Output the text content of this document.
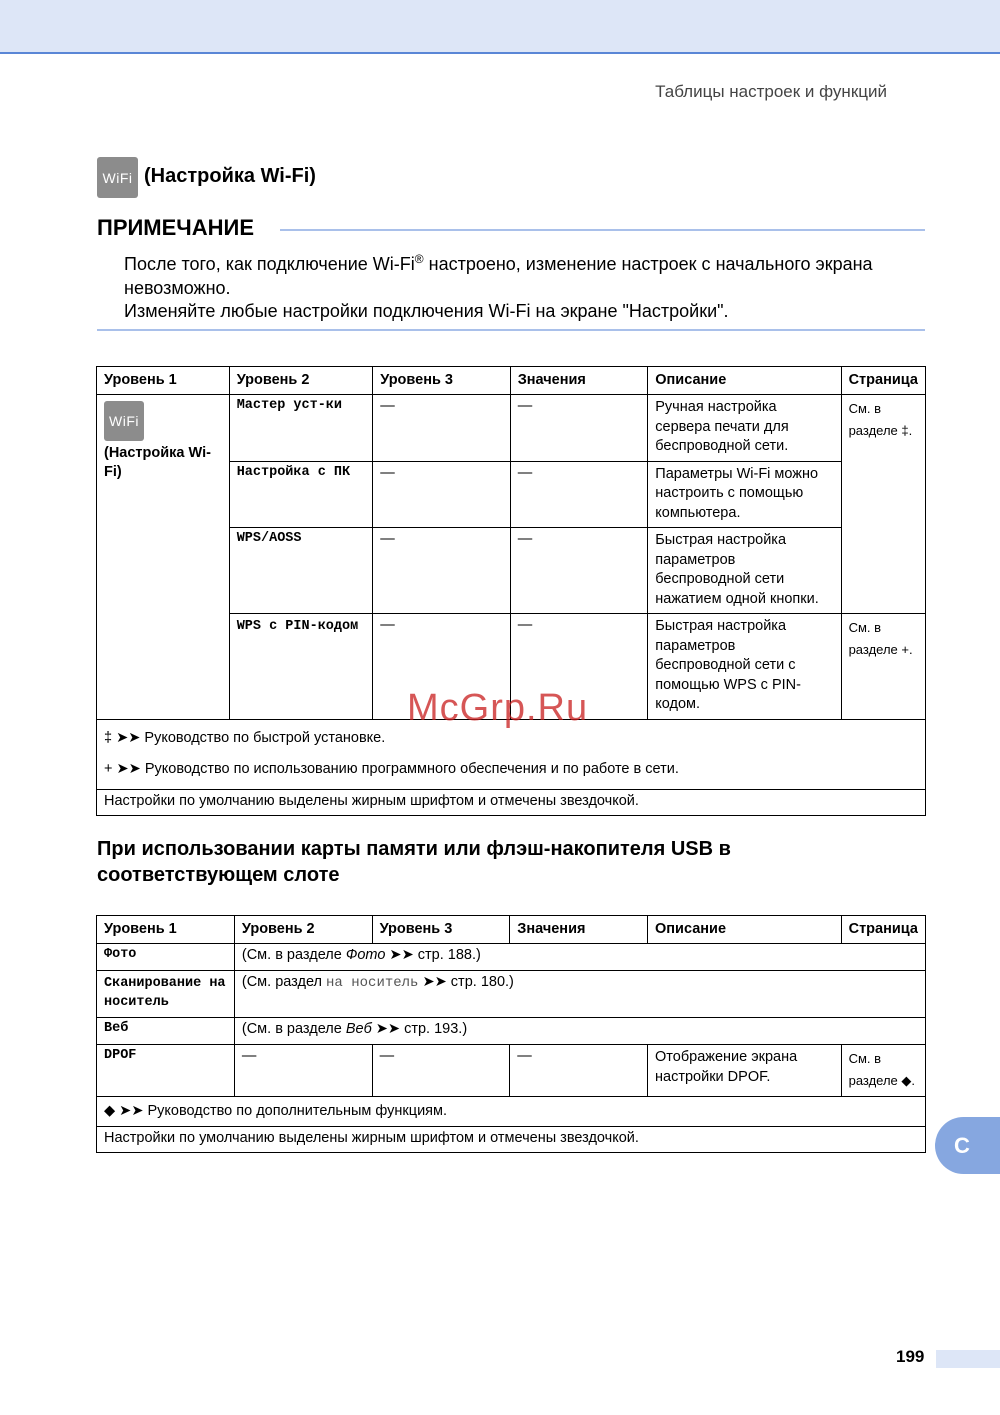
Таблицы настроек и функций
WiFi (Настройка Wi-Fi)
ПРИМЕЧАНИЕ

После того, как подключение Wi-Fi® настроено, изменение настроек с начального экрана невозможно.

Изменяйте любые настройки подключения Wi-Fi на экране "Настройки".

Уровень 1	Уровень 2	Уровень 3	Значения	Описание	Страница

WiFi
(Настройка Wi-Fi)	Мастер уст-ки	—	—	Ручная настройка сервера печати для беспроводной сети.	См. в разделе ‡.
	Настройка с ПК	—	—	Параметры Wi-Fi можно настроить с помощью компьютера.	
	WPS/AOSS	—	—	Быстрая настройка параметров беспроводной сети нажатием одной кнопки.	
	WPS с PIN-кодом	—	—	Быстрая настройка параметров беспроводной сети с помощью WPS с PIN-кодом.	См. в разделе +.

‡ ➤➤ Руководство по быстрой установке.
+ ➤➤ Руководство по использованию программного обеспечения и по работе в сети.					

Настройки по умолчанию выделены жирным шрифтом и отмечены звездочкой.					
При использовании карты памяти или флэш-накопителя USB в соответствующем слоте
Уровень 1	Уровень 2	Уровень 3	Значения	Описание	Страница
Фото	(См. в разделе Фото ➤➤ стр. 188.)				
Сканирование на носитель	(См. раздел на носитель ➤➤ стр. 180.)				
Веб	(См. в разделе Веб ➤➤ стр. 193.)				
DPOF	—	—	—	Отображение экрана настройки DPOF.	См. в разделе ◆.
◆ ➤➤ Руководство по дополнительным функциям.					
Настройки по умолчанию выделены жирным шрифтом и отмечены звездочкой.						C
199
McGrp.Ru
